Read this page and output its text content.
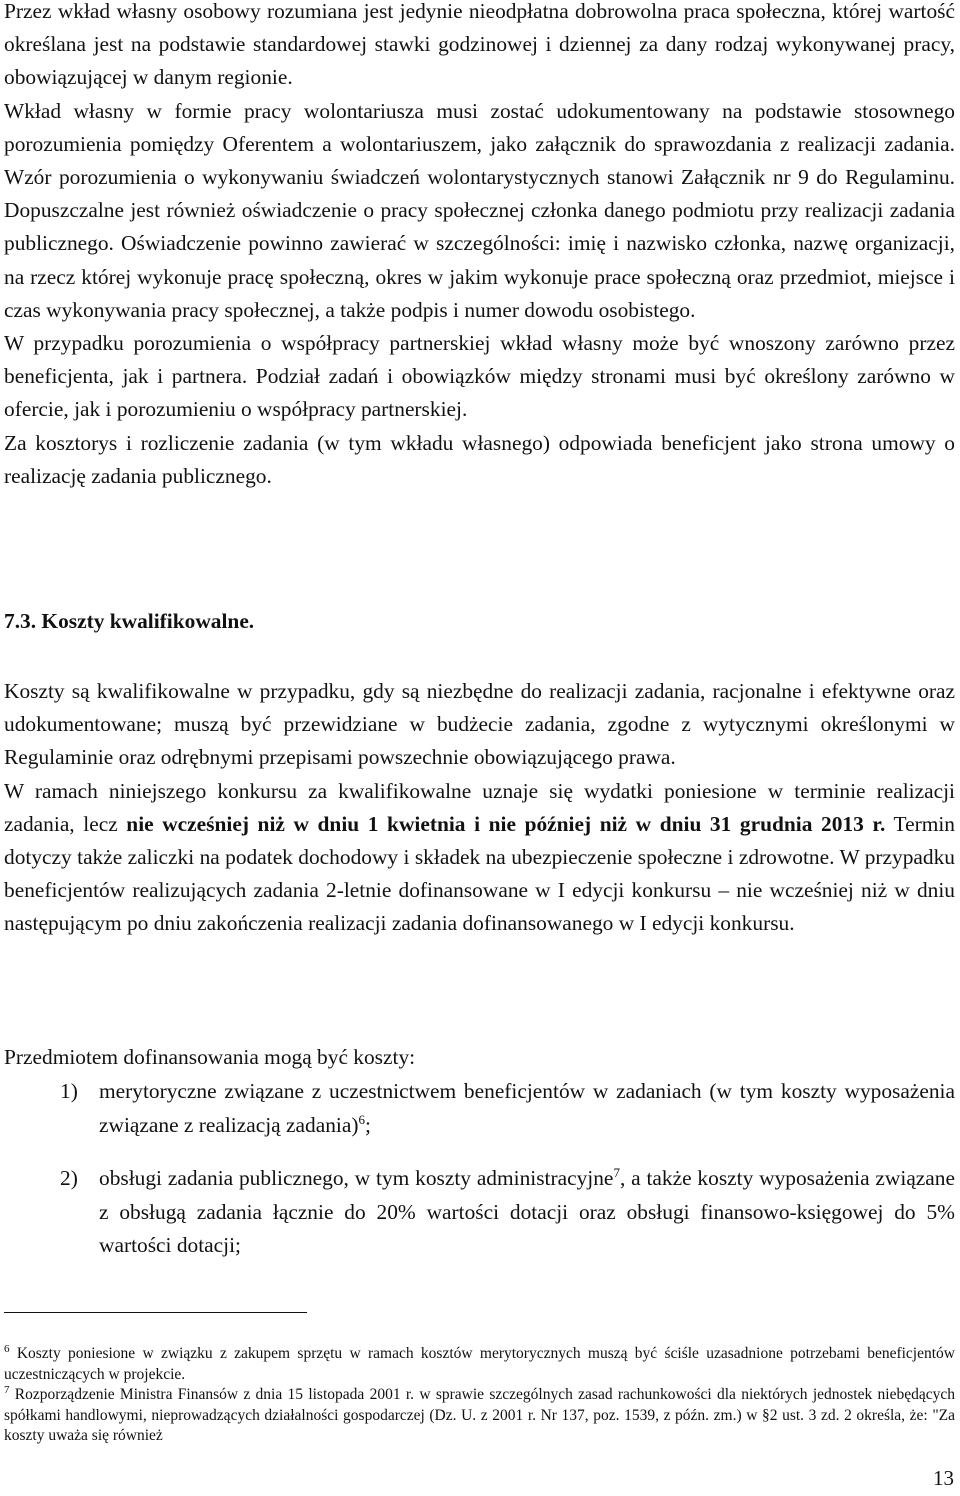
Przez wkład własny osobowy rozumiana jest jedynie nieodpłatna dobrowolna praca społeczna, której wartość określana jest na podstawie standardowej stawki godzinowej i dziennej za dany rodzaj wykonywanej pracy, obowiązującej w danym regionie.

Wkład własny w formie pracy wolontariusza musi zostać udokumentowany na podstawie stosownego porozumienia pomiędzy Oferentem a wolontariuszem, jako załącznik do sprawozdania z realizacji zadania. Wzór porozumienia o wykonywaniu świadczeń wolontarystycznych stanowi Załącznik nr 9 do Regulaminu. Dopuszczalne jest również oświadczenie o pracy społecznej członka danego podmiotu przy realizacji zadania publicznego. Oświadczenie powinno zawierać w szczególności: imię i nazwisko członka, nazwę organizacji, na rzecz której wykonuje pracę społeczną, okres w jakim wykonuje prace społeczną oraz przedmiot, miejsce i czas wykonywania pracy społecznej, a także podpis i numer dowodu osobistego.

W przypadku porozumienia o współpracy partnerskiej wkład własny może być wnoszony zarówno przez beneficjenta, jak i partnera. Podział zadań i obowiązków między stronami musi być określony zarówno w ofercie, jak i porozumieniu o współpracy partnerskiej.

Za kosztorys i rozliczenie zadania (w tym wkładu własnego) odpowiada beneficjent jako strona umowy o realizację zadania publicznego.

7.3. Koszty kwalifikowalne.

Koszty są kwalifikowalne w przypadku, gdy są niezbędne do realizacji zadania, racjonalne i efektywne oraz udokumentowane; muszą być przewidziane w budżecie zadania, zgodne z wytycznymi określonymi w Regulaminie oraz odrębnymi przepisami powszechnie obowiązującego prawa.

W ramach niniejszego konkursu za kwalifikowalne uznaje się wydatki poniesione w terminie realizacji zadania, lecz nie wcześniej niż w dniu 1 kwietnia i nie później niż w dniu 31 grudnia 2013 r. Termin dotyczy także zaliczki na podatek dochodowy i składek na ubezpieczenie społeczne i zdrowotne. W przypadku beneficjentów realizujących zadania 2-letnie dofinansowane w I edycji konkursu – nie wcześniej niż w dniu następującym po dniu zakończenia realizacji zadania dofinansowanego w I edycji konkursu.

Przedmiotem dofinansowania mogą być koszty:
1) merytoryczne związane z uczestnictwem beneficjentów w zadaniach (w tym koszty wyposażenia związane z realizacją zadania)$^6$;
2) obsługi zadania publicznego, w tym koszty administracyjne$^7$, a także koszty wyposażenia związane z obsługą zadania łącznie do 20% wartości dotacji oraz obsługi finansowo-księgowej do 5% wartości dotacji;

$^6$ Koszty poniesione w związku z zakupem sprzętu w ramach kosztów merytorycznych muszą być ściśle uzasadnione potrzebami beneficjentów uczestniczących w projekcie.

$^7$ Rozporządzenie Ministra Finansów z dnia 15 listopada 2001 r. w sprawie szczególnych zasad rachunkowości dla niektórych jednostek niebędących spółkami handlowymi, nieprowadzących działalności gospodarczej (Dz. U. z 2001 r. Nr 137, poz. 1539, z późn. zm.) w §2 ust. 3 zd. 2 określa, że: "Za koszty uważa się również

13
